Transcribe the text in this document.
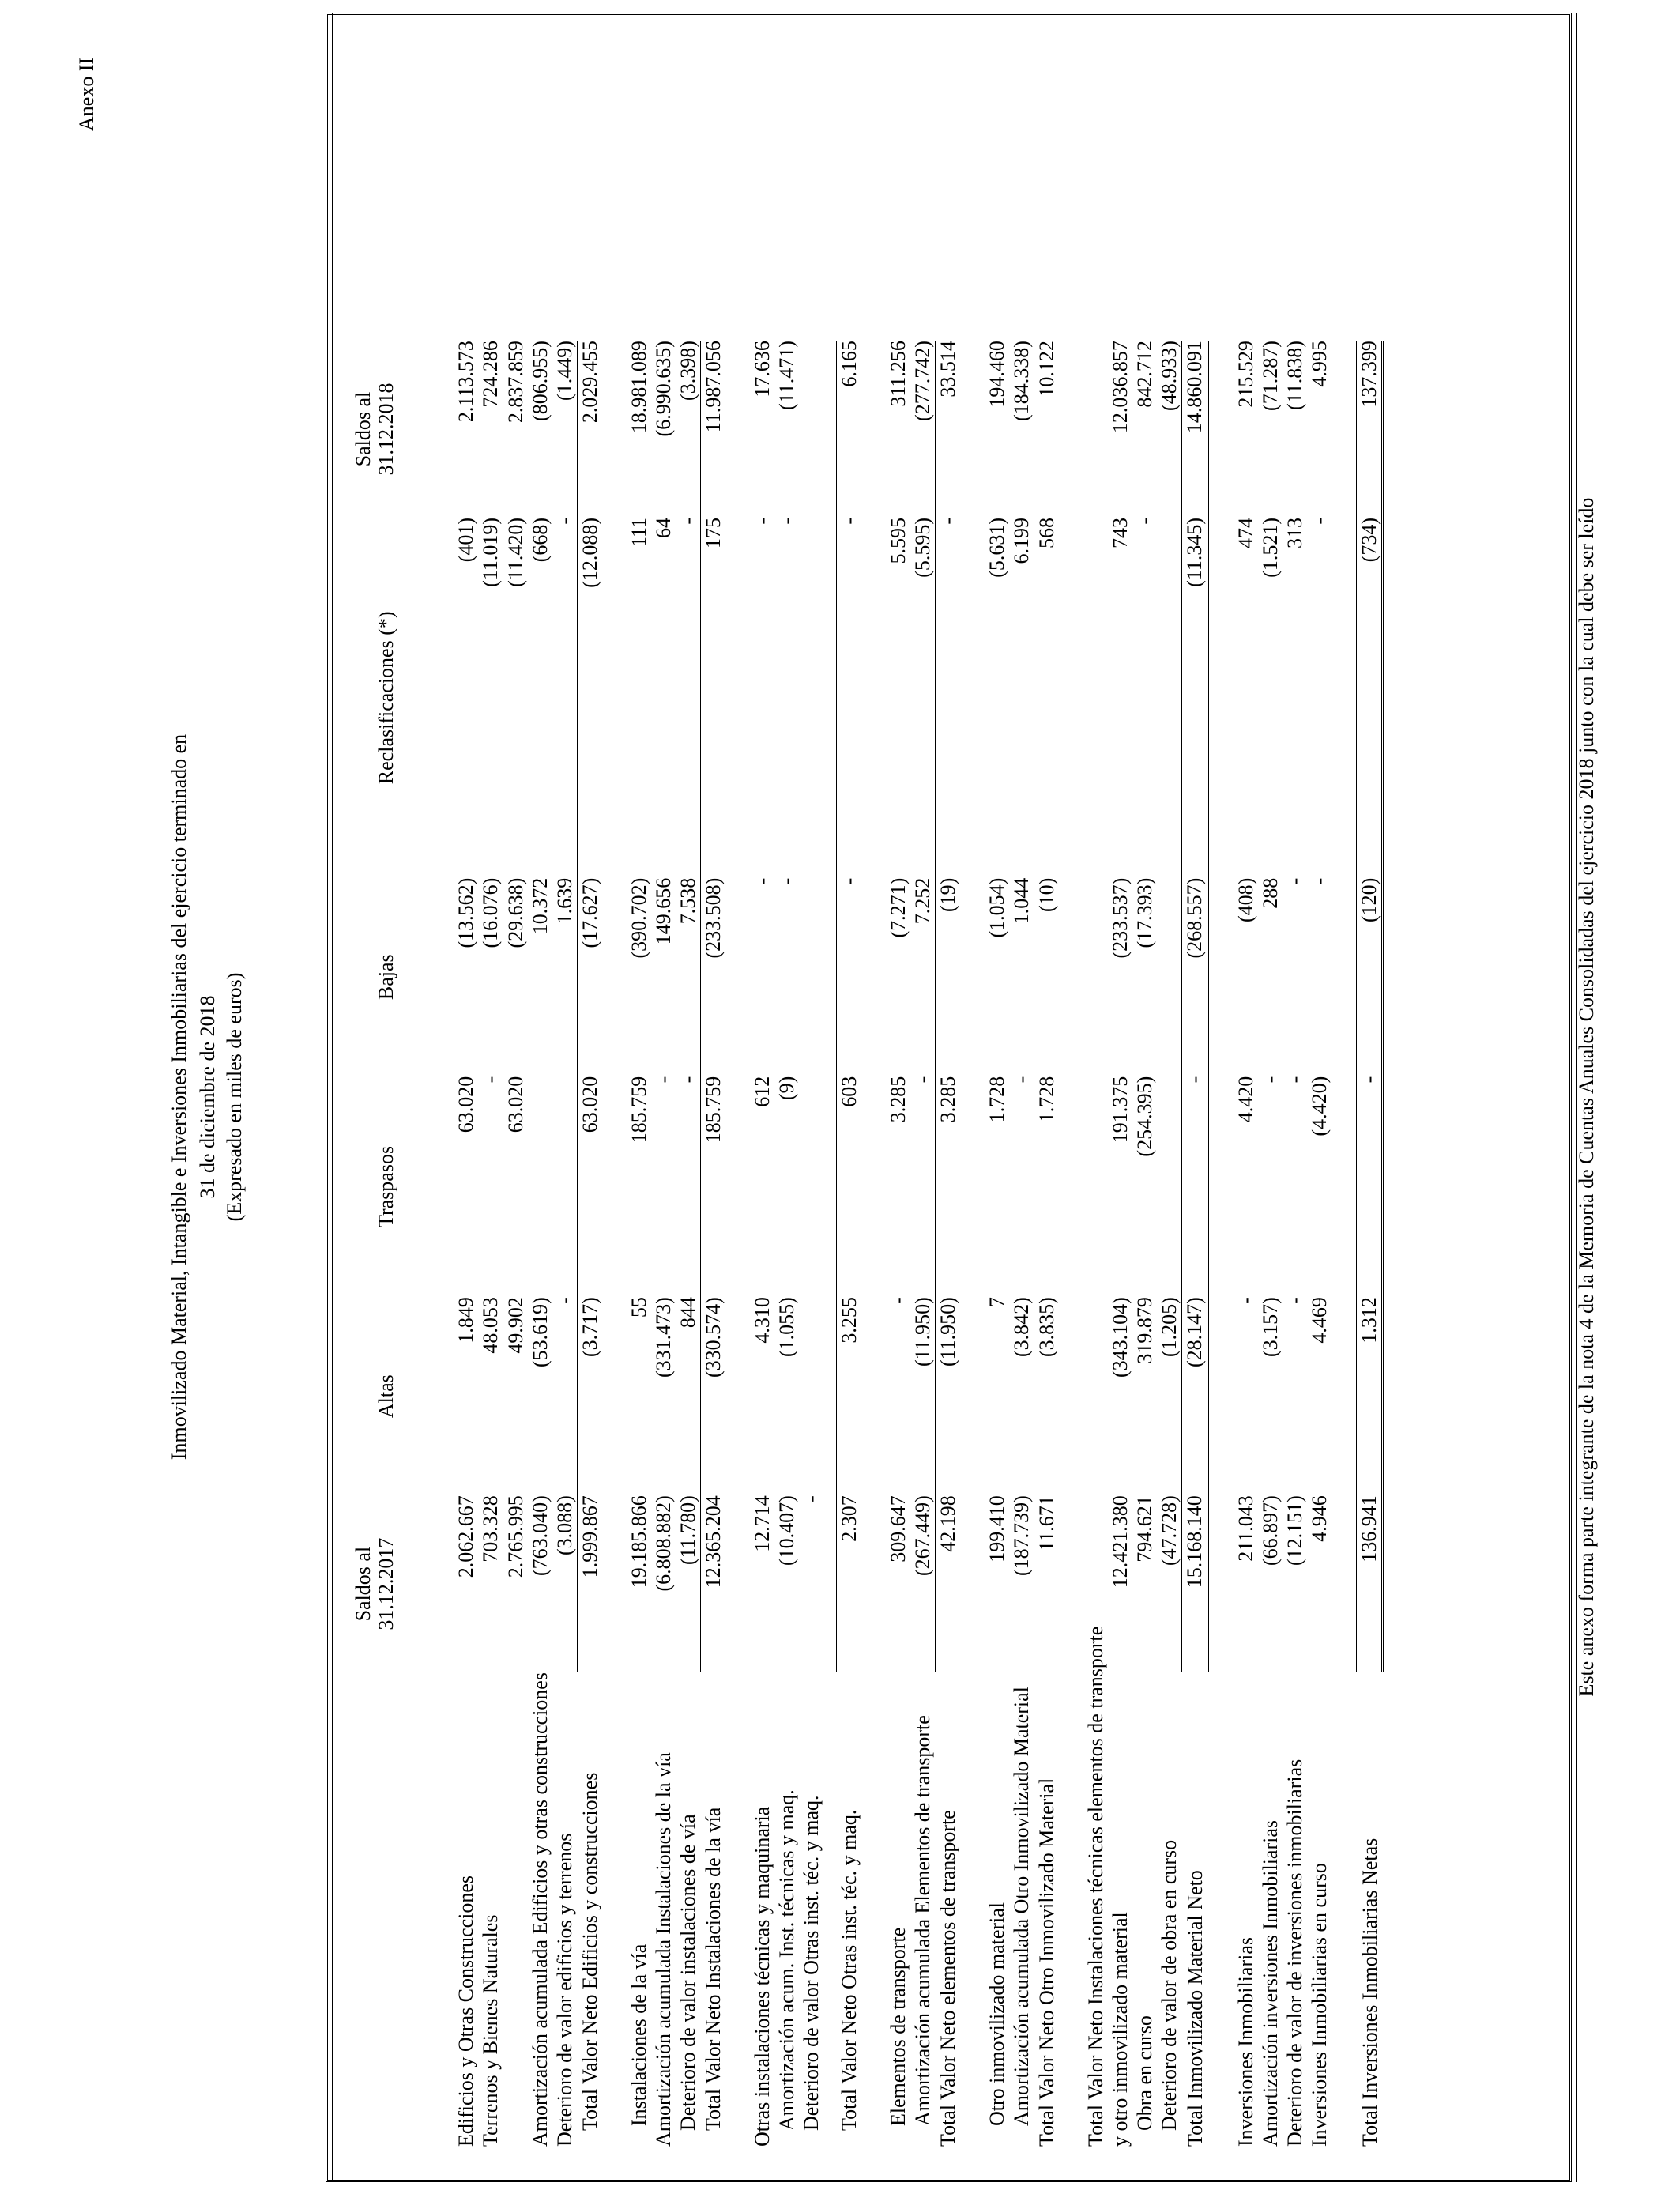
Anexo II
Inmovilizado Material, Intangible e Inversiones Inmobiliarias del ejercicio terminado en 31 de diciembre de 2018 (Expresado en miles de euros)
	Saldos al
31.12.2017	Altas	Traspasos	Bajas	Reclasificaciones (*)	Saldos al
31.12.2018	

Edificios y Otras Construcciones	2.062.667	1.849	63.020	(13.562)	(401)	2.113.573	
Terrenos y Bienes Naturales	703.328	48.053	-	(16.076)	(11.019)	724.286	
	2.765.995	49.902	63.020	(29.638)	(11.420)	2.837.859	
Amortización acumulada Edificios y otras construcciones	(763.040)	(53.619)		10.372	(668)	(806.955)	
Deterioro de valor edificios y terrenos	(3.088)	-		1.639	-	(1.449)	
Total Valor Neto Edificios y construcciones	1.999.867	(3.717)	63.020	(17.627)	(12.088)	2.029.455	

Instalaciones de la vía	19.185.866	55	185.759	(390.702)	111	18.981.089	
Amortización acumulada Instalaciones de la vía	(6.808.882)	(331.473)	-	149.656	64	(6.990.635)	
Deterioro de valor instalaciones de vía	(11.780)	844	-	7.538	-	(3.398)	
Total Valor Neto Instalaciones de la vía	12.365.204	(330.574)	185.759	(233.508)	175	11.987.056	

Otras instalaciones técnicas y maquinaria	12.714	4.310	612	-	-	17.636	
Amortización acum. Inst. técnicas y maq.	(10.407)	(1.055)	(9)	-	-	(11.471)	
Deterioro de valor Otras inst. téc. y maq.	-						

Total Valor Neto Otras inst. téc. y maq.	2.307	3.255	603	-	-	6.165	

Elementos de transporte	309.647	-	3.285	(7.271)	5.595	311.256	
Amortización acumulada Elementos de transporte	(267.449)	(11.950)	-	7.252	(5.595)	(277.742)	
Total Valor Neto elementos de transporte	42.198	(11.950)	3.285	(19)	-	33.514	

Otro inmovilizado material	199.410	7	1.728	(1.054)	(5.631)	194.460	
Amortización acumulada Otro Inmovilizado Material	(187.739)	(3.842)	-	1.044	6.199	(184.338)	
Total Valor Neto Otro Inmovilizado Material	11.671	(3.835)	1.728	(10)	568	10.122	

Total Valor Neto Instalaciones técnicas elementos de transporte							
y otro inmovilizado material	12.421.380	(343.104)	191.375	(233.537)	743	12.036.857	
Obra en curso	794.621	319.879	(254.395)	(17.393)	-	842.712	
Deterioro de valor de obra en curso	(47.728)	(1.205)				(48.933)	
Total Inmovilizado Material Neto	15.168.140	(28.147)	-	(268.557)	(11.345)	14.860.091	

Inversiones Inmobiliarias	211.043	-	4.420	(408)	474	215.529	
Amortización inversiones Inmobiliarias	(66.897)	(3.157)	-	288	(1.521)	(71.287)	
Deterioro de valor de inversiones inmobiliarias	(12.151)	-	-	-	313	(11.838)	
Inversiones Inmobiliarias en curso	4.946	4.469	(4.420)	-	-	4.995	

Total Inversiones Inmobiliarias Netas	136.941	1.312	-	(120)	(734)	137.399	
Este anexo forma parte integrante de la nota 4 de la Memoria de Cuentas Anuales Consolidadas del ejercicio 2018 junto con la cual debe ser leído
